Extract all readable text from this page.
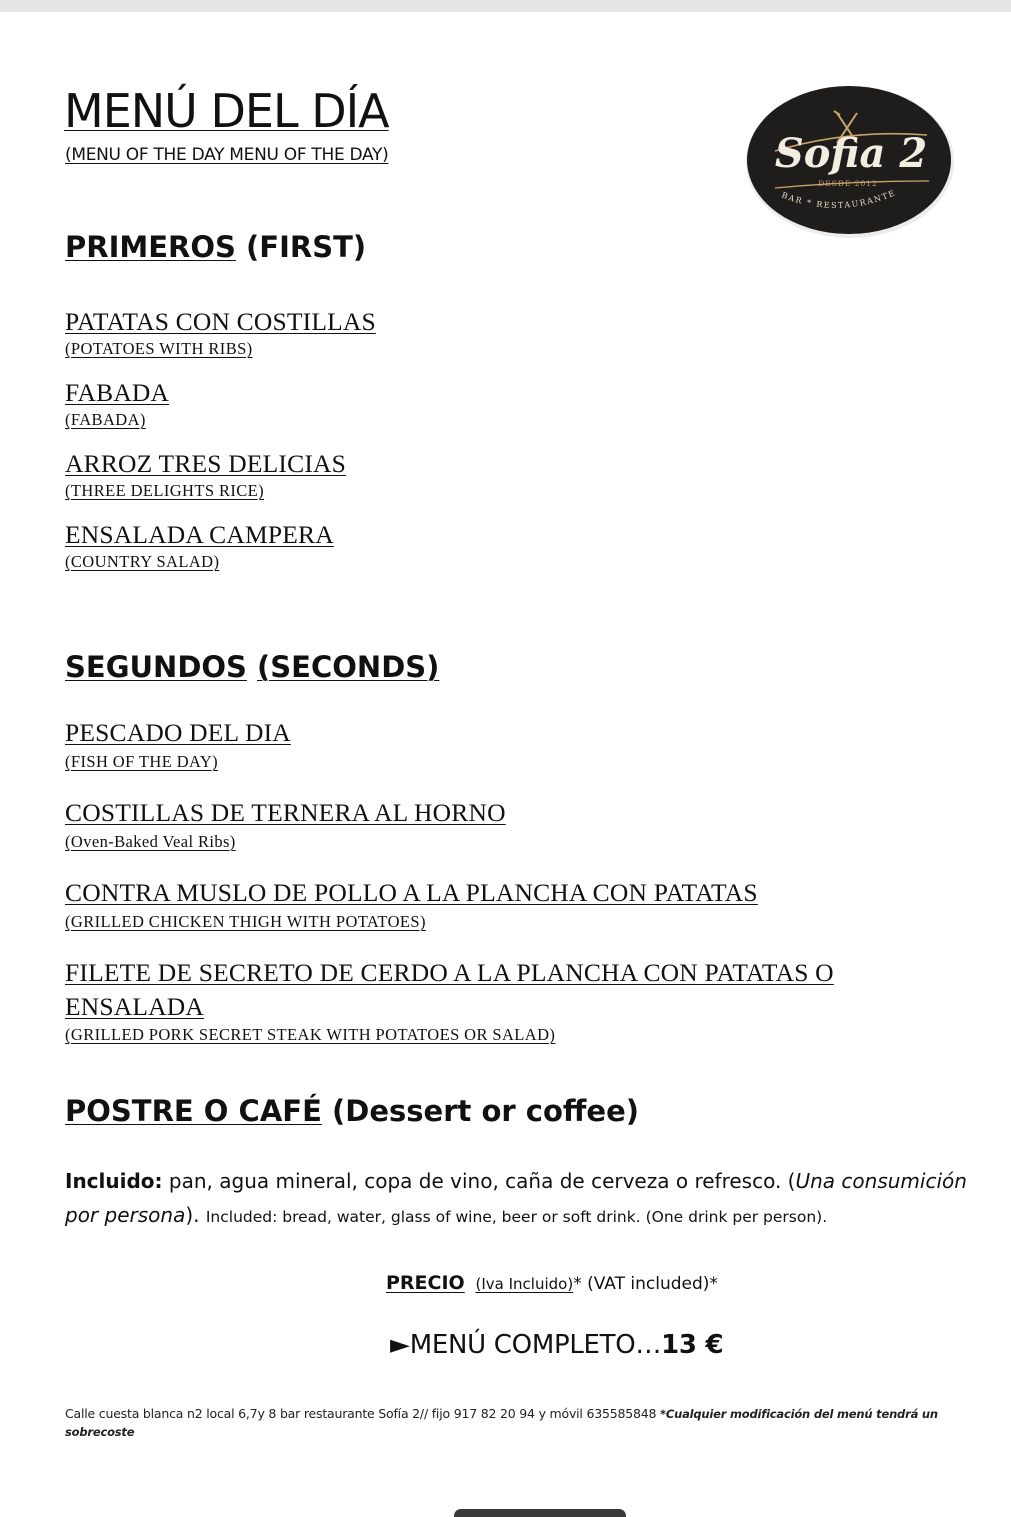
MENÚ DEL DÍA
(MENU OF THE DAY MENU OF THE DAY)	Sofia 2
DESDE 2012
BAR * RESTAURANTE
PRIMEROS (FIRST)
PATATAS CON COSTILLAS
(POTATOES WITH RIBS)
FABADA
(FABADA)
ARROZ TRES DELICIAS
(THREE DELIGHTS RICE)
ENSALADA CAMPERA
(COUNTRY SALAD)
SEGUNDOS (SECONDS)
PESCADO DEL DIA
(FISH OF THE DAY)
COSTILLAS DE TERNERA AL HORNO
(Oven-Baked Veal Ribs)
CONTRA MUSLO DE POLLO A LA PLANCHA CON PATATAS
(GRILLED CHICKEN THIGH WITH POTATOES)
FILETE DE SECRETO DE CERDO A LA PLANCHA CON PATATAS O
ENSALADA
(GRILLED PORK SECRET STEAK WITH POTATOES OR SALAD)
POSTRE O CAFÉ (Dessert or coffee)
Incluido: pan, agua mineral, copa de vino, caña de cerveza o refresco. (Una consumición por persona). Included: bread, water, glass of wine, beer or soft drink. (One drink per person).
PRECIO (Iva Incluido)* (VAT included)*
►MENÚ COMPLETO…13 €
Calle cuesta blanca n2 local 6,7y 8 bar restaurante Sofía 2// fijo 917 82 20 94 y móvil 635585848 *Cualquier modificación del menú tendrá un sobrecoste
